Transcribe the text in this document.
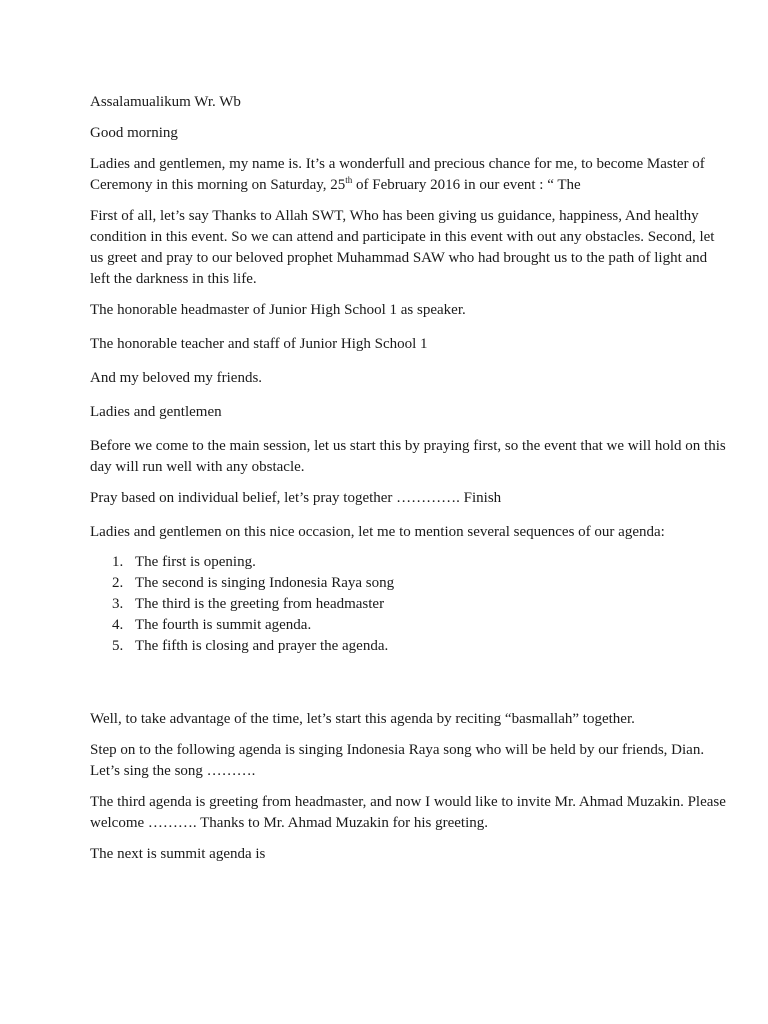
Assalamualikum Wr. Wb

Good morning

Ladies and gentlemen, my name is. It’s a wonderfull and precious chance for me, to become Master of Ceremony in this morning on Saturday, 25th of February 2016 in our event : “ The

First of all, let’s say Thanks to Allah SWT, Who has been giving us guidance, happiness, And healthy condition in this event. So we can attend and participate in this event with out any obstacles. Second, let us greet and pray to our beloved prophet Muhammad SAW who had brought us to the path of light and left the darkness in this life.

The honorable headmaster of Junior High School 1 as speaker.

The honorable teacher and staff of Junior High School 1

And my beloved my friends.

Ladies and gentlemen

Before we come to the main session, let us start this by praying first, so the event that we will hold on this day will run well with any obstacle.

Pray based on individual belief, let’s pray together …………. Finish

Ladies and gentlemen on this nice occasion, let me to mention several sequences of our agenda:

1. The first is opening.
2. The second is singing Indonesia Raya song
3. The third is the greeting from headmaster
4. The fourth is summit agenda.
5. The fifth is closing and prayer the agenda.

Well, to take advantage of the time, let’s start this agenda by reciting “basmallah” together.

Step on to the following agenda is singing Indonesia Raya song who will be held by our friends, Dian. Let’s sing the song ……….

The third agenda is greeting from headmaster, and now I would like to invite Mr. Ahmad Muzakin. Please welcome ………. Thanks to Mr. Ahmad Muzakin for his greeting.

The next is summit agenda is
